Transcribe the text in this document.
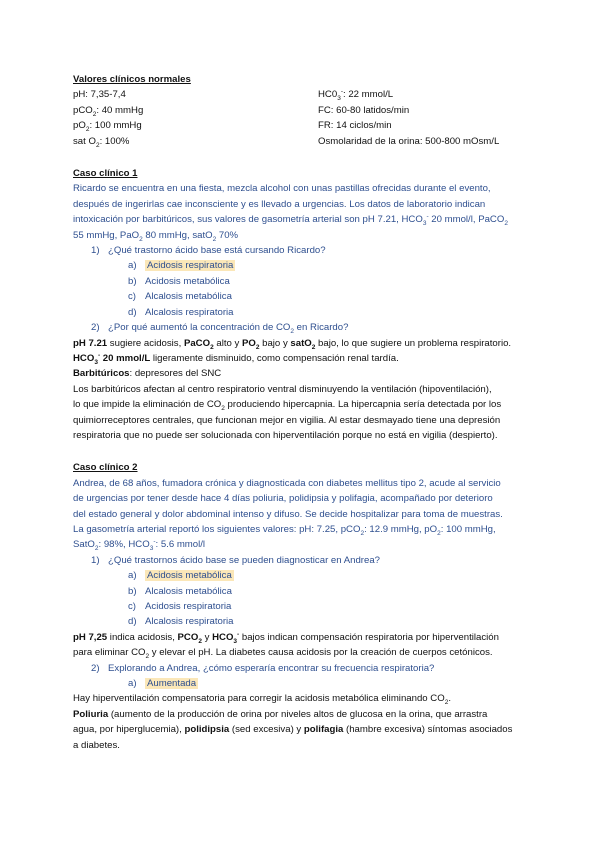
Valores clínicos normales
pH: 7,35-7,4	$HC0_3^-$: 22 mmol/L
pCO$_2$: 40 mmHg	FC: 60-80 latidos/min
$pO_2$: 100 mmHg	FR: 14 ciclos/min
sat $O_2$: 100%	Osmolaridad de la orina: 500-800 mOsm/L
Caso clínico 1
Ricardo se encuentra en una fiesta, mezcla alcohol con unas pastillas ofrecidas durante el evento,
después de ingerirlas cae inconsciente y es llevado a urgencias. Los datos de laboratorio indican
intoxicación por barbitúricos, sus valores de gasometría arterial son pH 7.21, $HCO_3^-$ 20 mmol/l, PaCO$_2$
55 mmHg, PaO$_2$ 80 mmHg, satO$_2$ 70%
1) ¿Qué trastorno ácido base está cursando Ricardo?
a) Acidosis respiratoria
b) Acidosis metabólica
c) Alcalosis metabólica
d) Alcalosis respiratoria
2) ¿Por qué aumentó la concentración de $CO_2$ en Ricardo?
pH 7.21 sugiere acidosis, PaCO$_2$ alto y $PO_2$ bajo y satO$_2$ bajo, lo que sugiere un problema respiratorio.
$HCO_3^-$ 20 mmol/L ligeramente disminuido, como compensación renal tardía.
Barbitúricos: depresores del SNC
Los barbitúricos afectan al centro respiratorio ventral disminuyendo la ventilación (hipoventilación),
lo que impide la eliminación de $CO_2$ produciendo hipercapnia. La hipercapnia sería detectada por los
quimiorreceptores centrales, que funcionan mejor en vigilia. Al estar desmayado tiene una depresión
respiratoria que no puede ser solucionada con hiperventilación porque no está en vigilia (despierto).
Caso clínico 2
Andrea, de 68 años, fumadora crónica y diagnosticada con diabetes mellitus tipo 2, acude al servicio
de urgencias por tener desde hace 4 días poliuria, polidipsia y polifagia, acompañado por deterioro
del estado general y dolor abdominal intenso y difuso. Se decide hospitalizar para toma de muestras.
La gasometría arterial reportó los siguientes valores: pH: 7.25, pCO$_2$: 12.9 mmHg, $pO_2$: 100 mmHg,
SatO$_2$: 98%, $HCO_3^-$: 5.6 mmol/l
1) ¿Qué trastornos ácido base se pueden diagnosticar en Andrea?
a) Acidosis metabólica
b) Alcalosis metabólica
c) Acidosis respiratoria
d) Alcalosis respiratoria
pH 7,25 indica acidosis, $PCO_2$ y $HCO_3^-$ bajos indican compensación respiratoria por hiperventilación
para eliminar $CO_2$ y elevar el pH. La diabetes causa acidosis por la creación de cuerpos cetónicos.
2) Explorando a Andrea, ¿cómo esperaría encontrar su frecuencia respiratoria?
a) Aumentada
Hay hiperventilación compensatoria para corregir la acidosis metabólica eliminando $CO_2$.
Poliuria (aumento de la producción de orina por niveles altos de glucosa en la orina, que arrastra
agua, por hiperglucemia), polidipsia (sed excesiva) y polifagia (hambre excesiva) síntomas asociados
a diabetes.
